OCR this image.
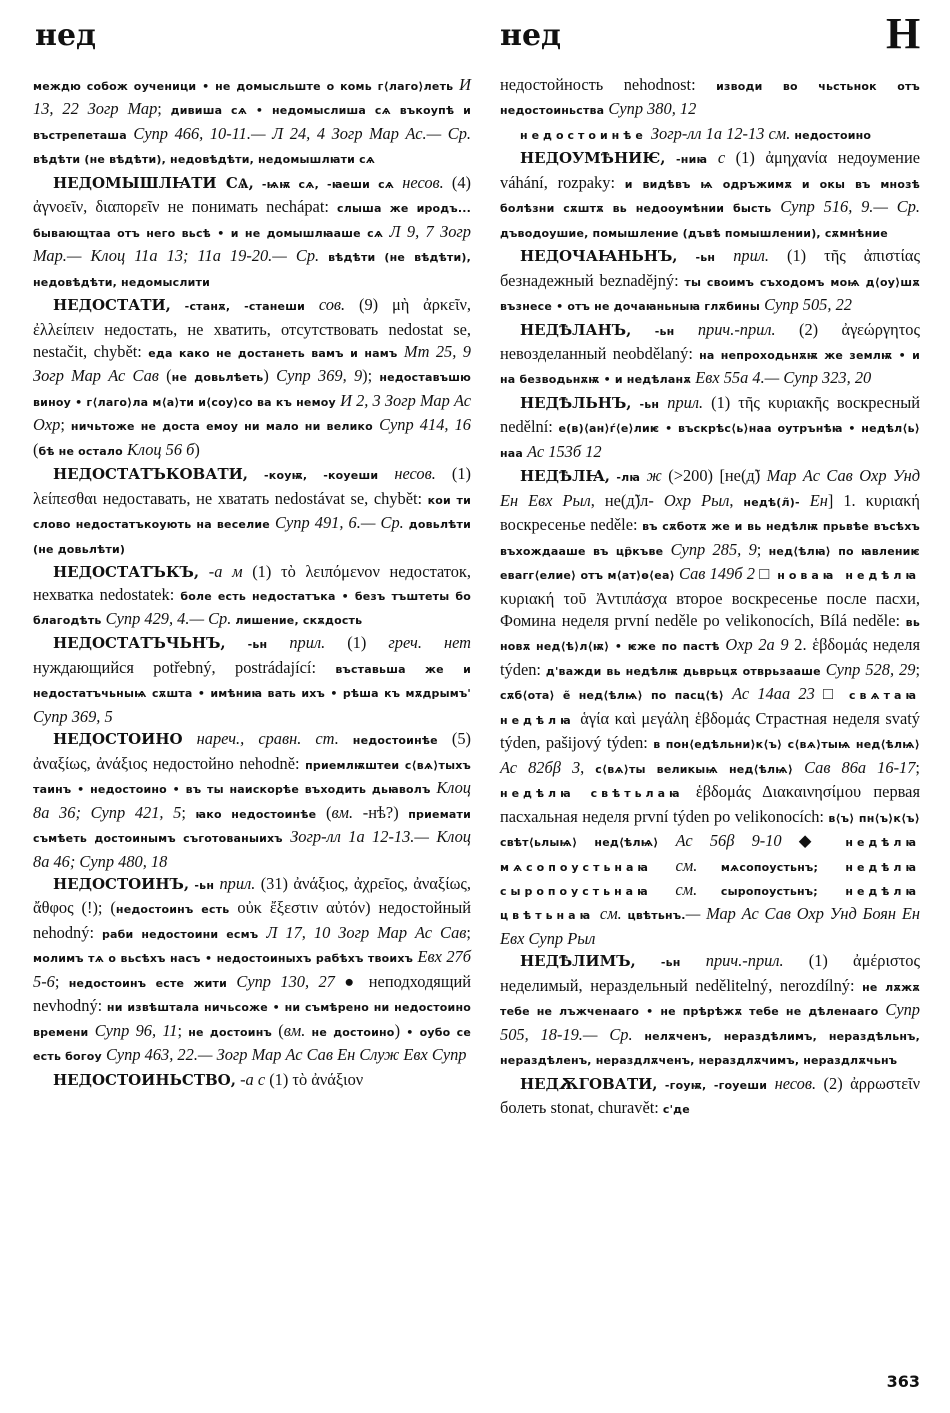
нед	нед	Н

междю собож оученици • не домысльште о комь г⟨лаго⟩леть И 13, 22 Зогр Мар; дивиша сѧ • недомыслиша сѧ въкоупѣ и въстрепеташа Супр 466, 10-11.— Л 24, 4 Зогр Мар Ас.— Ср. вѣдѣти (не вѣдѣти), недовѣдѣти, недомышлꙗти сѧ

НЕДОМЫШЛꙖТИ СѦ, -ѩѭ сѧ, -ꙗеши сѧ несов. (4) ἀγνοεῖν, διαπορεῖν не понимать nechápat: слыша же иродъ... бывающтаа отъ него вьсѣ • и не домышлꙗаше сѧ Л 9, 7 Зогр Мар.— Клоц 11а 13; 11а 19-20.— Ср. вѣдѣти (не вѣдѣти), недовѣдѣти, недомыслити

НЕДОСТАТИ, -станѫ, -станеши сов. (9) μὴ ἀρκεῖν, ἐλλείπειν недостать, не хватить, отсутствовать nedostat se, nestačit, chybět: еда како не достанеть вамъ и намъ Мт 25, 9 Зогр Мар Ас Сав (не довьлѣеть) Супр 369, 9); недоставъшю виноу • г⟨лаго⟩ла м⟨а⟩ти и⟨соу⟩со ва къ немоу И 2, 3 Зогр Мар Ас Охр; ничьтоже не доста емоу ни мало ни велико Супр 414, 16 (бѣ не остало Клоц 56 б)

НЕДОСТАТЪКОВАТИ, -коуѭ, -коуеши несов. (1) λείπεσθαι недоставать, не хватать nedostávat se, chybět: кои ти слово недостатъкоують на веселие Супр 491, 6.— Ср. довьлѣти (не довьлѣти)

НЕДОСТАТЪКЪ, -а м (1) τὸ λειπόμενον недостаток, нехватка nedostatek: боле есть недостатъка • безъ тъштеты бо благодѣть Супр 429, 4.— Ср. лишение, скѫдость

НЕДОСТАТЪЧЬНЪ, -ьн прил. (1) греч. нет нуждающийся potřebný, postrádající: въставьша же и недостатъчьныѩ сѫшта • имѣниꙗ вать ихъ • рѣша къ мѫдрымъ' Супр 369, 5

НЕДОСТОИНО нареч., сравн. ст. недостоинѣе (5) ἀναξίως, ἀνάξιος недостойно nehodně: приемлѭштеи с⟨вѧ⟩тыхъ таинъ • недостоино • въ ты наискорѣе въходить дьꙗволъ Клоц 8а 36; Супр 421, 5; ꙗко недостоинѣе (вм. -нѣ?) приемати съмѣеть достоинымъ съготованыихъ Зогр-лл 1а 12-13.— Клоц 8а 46; Супр 480, 18

НЕДОСТОИНЪ, -ьн прил. (31) ἀνάξιος, ἀχρεῖος, ἀναξίως, ἄθφος (!); (недостоинъ есть οὐκ ἔξεστιν αὐτόν) недостойный nehodný: раби недостоини есмъ Л 17, 10 Зогр Мар Ас Сав; молимъ тѧ о вьсѣхъ насъ • недостоиныхъ рабѣхъ твоихъ Евх 27б 5-6; недостоинъ есте жити Супр 130, 27 ● неподходящий nevhodný: ни извѣштала ничьсоже • ни съмѣрено ни недостоино времени Супр 96, 11; не достоинъ (вм. не достоино) • оубо се есть богоу Супр 463, 22.— Зогр Мар Ас Сав Ен Служ Евх Супр

НЕДОСТОИНЬСТВО, -а с (1) τὸ ἀνάξιον

недостойность nehodnost: изводи во чьстьнок отъ недостоиньства Супр 380, 12

недостоинѣе Зогр-лл 1а 12-13 см. недостоино

НЕДОУМѢНИѤ, -ниꙗ с (1) ἀμηχανία недоумение váhání, rozpaky: и видѣвъ ѩ одръжимѫ и окы въ мнозѣ болѣзни сѫштѫ вь недооумѣнии бысть Супр 516, 9.— Ср. дъводоушие, помышление (дъвѣ помышлении), сѫмнѣние

НЕДОЧАꙖНЬНЪ, -ьн прил. (1) τῆς ἀπιστίας безнадежный beznadějný: ты своимъ съходомъ моѩ д⟨оу⟩шѫ възнесе • отъ не дочаꙗньныꙗ глѫбины Супр 505, 22

НЕДѢЛАНЪ, -ьн прич.-прил. (2) ἀγεώργητος невозделанный neobdělaný: на непроходьнѫѭ же землѭ • и на безводьнѫѭ • и недѣланѫ Евх 55а 4.— Супр 323, 20

НЕДѢЛЬНЪ, -ьн прил. (1) τῆς κυριακῆς воскресный nedělní: е(в)⟨ан⟩ѓ⟨е⟩лиѥ • въскрѣс⟨ь⟩наа оутрънѣꙗ • недѣл⟨ь⟩наа Ас 153б 12

НЕДѢЛꙖ, -лꙗ ж (>200) [не(д̃) Мар Ас Сав Охр Унд Ен Евх Рыл, не(д̃)л- Охр Рыл, недѣ(л̃)- Ен] 1. κυριακή воскресенье neděle: въ сѫботѫ же и вь недѣлѭ прьвѣе въсѣхъ въхождааше въ цр҄къве Супр 285, 9; нед⟨ѣлꙗ⟩ по ꙗвлениѥ евагг⟨елие⟩ отъ м⟨ат⟩ѳ⟨еа⟩ Сав 149б 2 □ новаꙗ недѣлꙗ κυριακή τοῦ Ἀντιπάσχα второе воскресенье после пасхи, Фомина неделя první neděle po velikonocích, Bílá neděle: вь новѫ нед⟨ѣ⟩л⟨ѭ⟩ • ѥже по пастѣ Охр 2а 9 2. ἑβδομάς неделя týden: д'важди вь недѣлѭ дьврьцѫ отврьзааше Супр 528, 29; сѫб⟨ота⟩ е̃ нед⟨ѣлѩ⟩ по пасц⟨ѣ⟩ Ас 14аа 23 □ свѧтаꙗ недѣлꙗ ἁγία καὶ μεγάλη ἑβδομάς Страстная неделя svatý týden, pašijový týden: в пон⟨едѣльни⟩к⟨ъ⟩ с⟨вѧ⟩тыѩ нед⟨ѣлѩ⟩ Ас 82бβ 3, с⟨вѧ⟩ты великыѩ нед⟨ѣлѩ⟩ Сав 86а 16-17; недѣлꙗ свѣтьлаꙗ ἑβδομάς Διακαινησίμου первая пасхальная неделя první týden po velikonocích: в⟨ъ⟩ пн⟨ъ⟩к⟨ъ⟩ свѣт⟨ьлыѩ⟩ нед⟨ѣлѩ⟩ Ас 56β 9-10 ◆ недѣлꙗ мѧсопоустьнаꙗ см. мѧсопоустьнъ; недѣлꙗ сыропоустьнаꙗ см. сыропоустьнъ; недѣлꙗ цвѣтьнаꙗ см. цвѣтьнъ.— Мар Ас Сав Охр Унд Боян Ен Евх Супр Рыл

НЕДѢЛИМЪ, -ьн прич.-прил. (1) ἀμέριστος неделимый, нераздельный nedělitelný, nerozdílný: не лѫжѫ тебе не лъжченааго • не прѣрѣжѫ тебе не дѣленааго Супр 505, 18-19.— Ср. нелѫченъ, нераздѣлимъ, нераздѣльнъ, нераздѣленъ, нераздлѫченъ, нераздлѫчимъ, нераздлѫчьнъ

НЕДѪГОВАТИ, -гоуѭ, -гоуеши несов. (2) ἀρρωστεῖν болеть stonat, churavět: с'де

363
